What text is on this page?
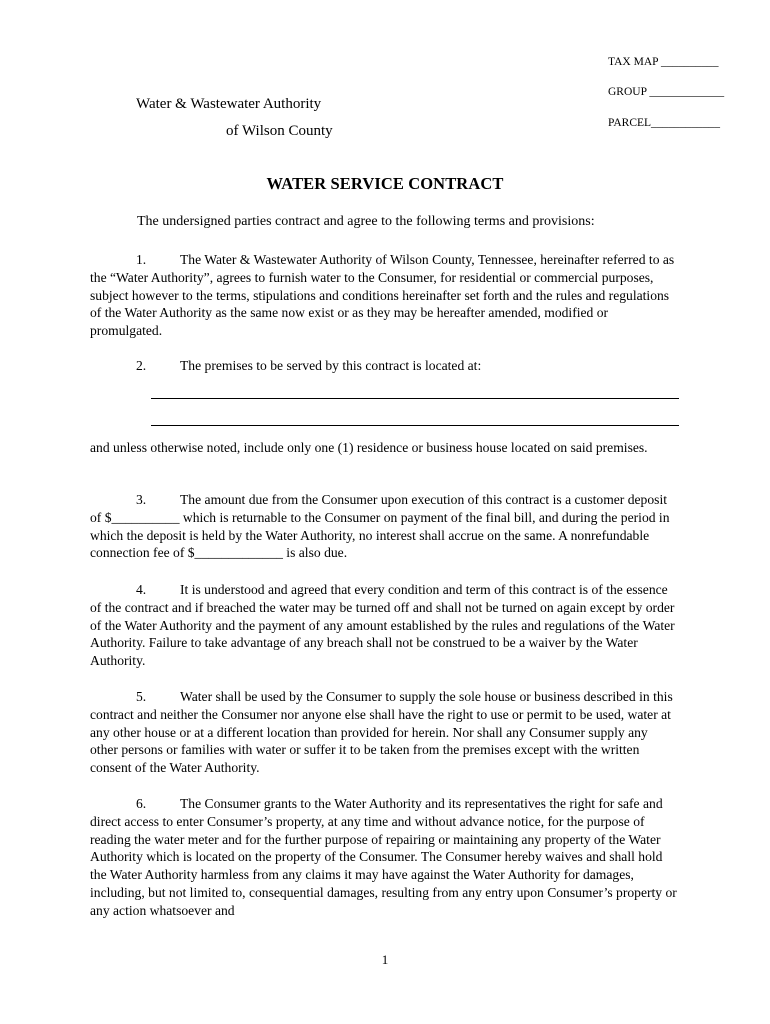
TAX MAP __________
GROUP _____________
PARCEL____________
Water & Wastewater Authority
of Wilson County
WATER SERVICE CONTRACT
The undersigned parties contract and agree to the following terms and provisions:
1. The Water & Wastewater Authority of Wilson County, Tennessee, hereinafter referred to as the “Water Authority”, agrees to furnish water to the Consumer, for residential or commercial purposes, subject however to the terms, stipulations and conditions hereinafter set forth and the rules and regulations of the Water Authority as the same now exist or as they may be hereafter amended, modified or promulgated.
2. The premises to be served by this contract is located at:
and unless otherwise noted, include only one (1) residence or business house located on said premises.
3. The amount due from the Consumer upon execution of this contract is a customer deposit of $__________ which is returnable to the Consumer on payment of the final bill, and during the period in which the deposit is held by the Water Authority, no interest shall accrue on the same. A nonrefundable connection fee of $_____________ is also due.
4. It is understood and agreed that every condition and term of this contract is of the essence of the contract and if breached the water may be turned off and shall not be turned on again except by order of the Water Authority and the payment of any amount established by the rules and regulations of the Water Authority. Failure to take advantage of any breach shall not be construed to be a waiver by the Water Authority.
5. Water shall be used by the Consumer to supply the sole house or business described in this contract and neither the Consumer nor anyone else shall have the right to use or permit to be used, water at any other house or at a different location than provided for herein. Nor shall any Consumer supply any other persons or families with water or suffer it to be taken from the premises except with the written consent of the Water Authority.
6. The Consumer grants to the Water Authority and its representatives the right for safe and direct access to enter Consumer’s property, at any time and without advance notice, for the purpose of reading the water meter and for the further purpose of repairing or maintaining any property of the Water Authority which is located on the property of the Consumer. The Consumer hereby waives and shall hold the Water Authority harmless from any claims it may have against the Water Authority for damages, including, but not limited to, consequential damages, resulting from any entry upon Consumer’s property or any action whatsoever and
1
